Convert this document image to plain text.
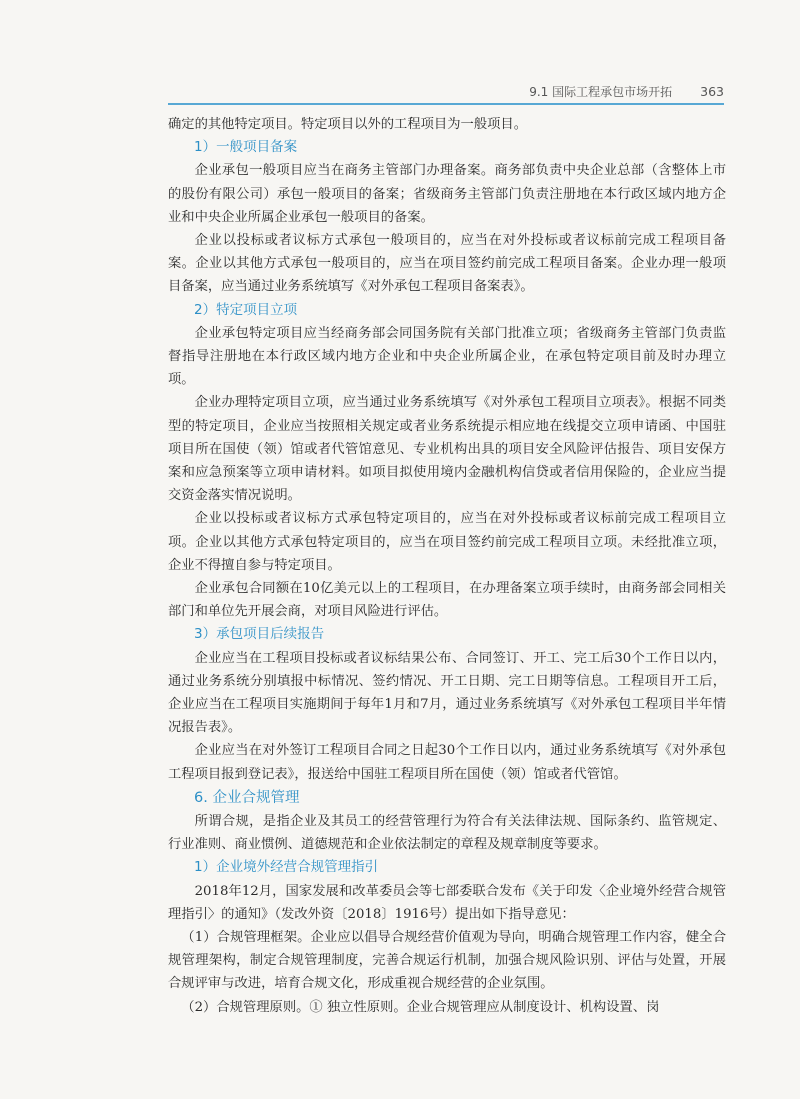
9.1 国际工程承包市场开拓 363

确定的其他特定项目。特定项目以外的工程项目为一般项目。

1）一般项目备案

企业承包一般项目应当在商务主管部门办理备案。商务部负责中央企业总部（含整体上市的股份有限公司）承包一般项目的备案；省级商务主管部门负责注册地在本行政区域内地方企业和中央企业所属企业承包一般项目的备案。

企业以投标或者议标方式承包一般项目的，应当在对外投标或者议标前完成工程项目备案。企业以其他方式承包一般项目的，应当在项目签约前完成工程项目备案。企业办理一般项目备案，应当通过业务系统填写《对外承包工程项目备案表》。

2）特定项目立项

企业承包特定项目应当经商务部会同国务院有关部门批准立项；省级商务主管部门负责监督指导注册地在本行政区域内地方企业和中央企业所属企业，在承包特定项目前及时办理立项。

企业办理特定项目立项，应当通过业务系统填写《对外承包工程项目立项表》。根据不同类型的特定项目，企业应当按照相关规定或者业务系统提示相应地在线提交立项申请函、中国驻项目所在国使（领）馆或者代管馆意见、专业机构出具的项目安全风险评估报告、项目安保方案和应急预案等立项申请材料。如项目拟使用境内金融机构信贷或者信用保险的，企业应当提交资金落实情况说明。

企业以投标或者议标方式承包特定项目的，应当在对外投标或者议标前完成工程项目立项。企业以其他方式承包特定项目的，应当在项目签约前完成工程项目立项。未经批准立项，企业不得擅自参与特定项目。

企业承包合同额在10亿美元以上的工程项目，在办理备案立项手续时，由商务部会同相关部门和单位先开展会商，对项目风险进行评估。

3）承包项目后续报告

企业应当在工程项目投标或者议标结果公布、合同签订、开工、完工后30个工作日以内，通过业务系统分别填报中标情况、签约情况、开工日期、完工日期等信息。工程项目开工后，企业应当在工程项目实施期间于每年1月和7月，通过业务系统填写《对外承包工程项目半年情况报告表》。

企业应当在对外签订工程项目合同之日起30个工作日以内，通过业务系统填写《对外承包工程项目报到登记表》，报送给中国驻工程项目所在国使（领）馆或者代管馆。

6. 企业合规管理

所谓合规，是指企业及其员工的经营管理行为符合有关法律法规、国际条约、监管规定、行业准则、商业惯例、道德规范和企业依法制定的章程及规章制度等要求。

1）企业境外经营合规管理指引

2018年12月，国家发展和改革委员会等七部委联合发布《关于印发〈企业境外经营合规管理指引〉的通知》（发改外资〔2018〕1916号）提出如下指导意见：

（1）合规管理框架。企业应以倡导合规经营价值观为导向，明确合规管理工作内容，健全合规管理架构，制定合规管理制度，完善合规运行机制，加强合规风险识别、评估与处置，开展合规评审与改进，培育合规文化，形成重视合规经营的企业氛围。

（2）合规管理原则。① 独立性原则。企业合规管理应从制度设计、机构设置、岗
